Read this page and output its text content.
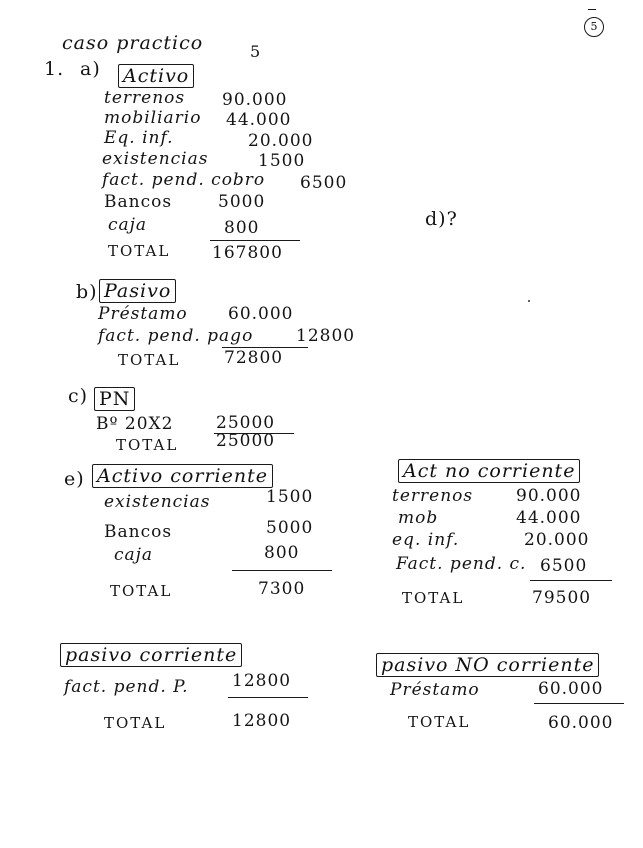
5
caso practico	5
1. a) Activo
terrenos 90.000
mobiliario 44.000
Eq. inf.	20.000
existencias	1500
fact. pend. cobro 6500
Bancos	5000
caja	800
TOTAL 167800
d)?
b) Pasivo
Préstamo 60.000
fact. pend. pago	12800
TOTAL	72800
c) PN
Bº 20X2	25000
TOTAL 25000
e) Activo corriente
existencias	1500
Bancos	5000
caja	800
TOTAL	7300
Act no corriente
terrenos	90.000
mob	44.000
eq. inf.	20.000
Fact. pend. c. 6500
TOTAL	79500
pasivo corriente
fact. pend. P.	12800
TOTAL	12800
pasivo NO corriente
Préstamo	60.000
TOTAL	60.000
